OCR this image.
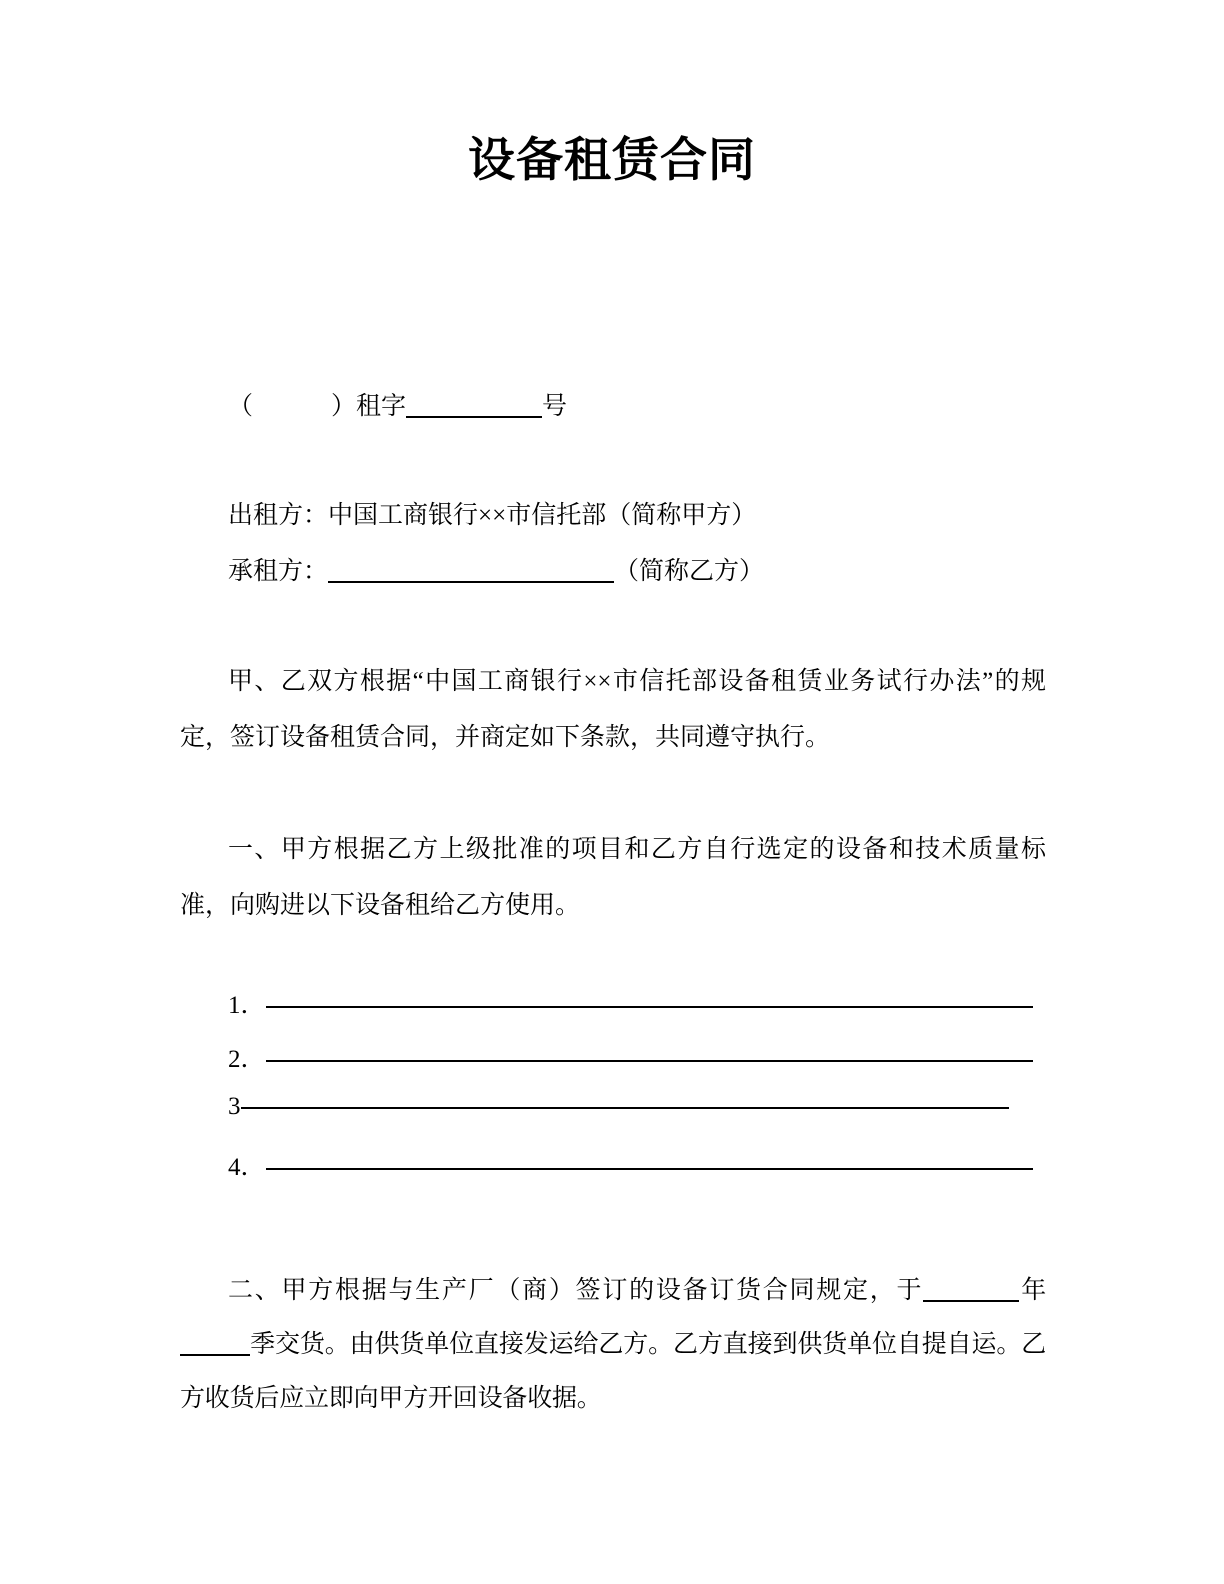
设备租赁合同
（	）租字	号
出租方：中国工商银行××市信托部（简称甲方）
承租方：	（简称乙方）
甲、乙双方根据“中国工商银行××市信托部设备租赁业务试行办法”的规定，签订设备租赁合同，并商定如下条款，共同遵守执行。
一、甲方根据乙方上级批准的项目和乙方自行选定的设备和技术质量标准，向购进以下设备租给乙方使用。
1．
2．
3
4．
二、甲方根据与生产厂（商）签订的设备订货合同规定，于	年季交货。由供货单位直接发运给乙方。乙方直接到供货单位自提自运。乙方收货后应立即向甲方开回设备收据。
